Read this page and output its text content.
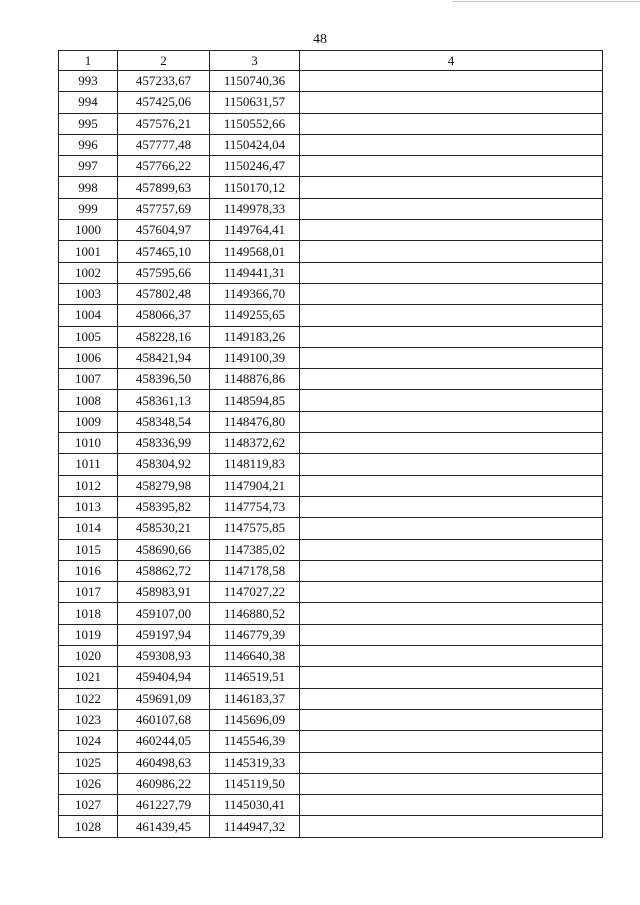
48
1	2	3	4
993	457233,67	1150740,36	
994	457425,06	1150631,57	
995	457576,21	1150552,66	
996	457777,48	1150424,04	
997	457766,22	1150246,47	
998	457899,63	1150170,12	
999	457757,69	1149978,33	
1000	457604,97	1149764,41	
1001	457465,10	1149568,01	
1002	457595,66	1149441,31	
1003	457802,48	1149366,70	
1004	458066,37	1149255,65	
1005	458228,16	1149183,26	
1006	458421,94	1149100,39	
1007	458396,50	1148876,86	
1008	458361,13	1148594,85	
1009	458348,54	1148476,80	
1010	458336,99	1148372,62	
1011	458304,92	1148119,83	
1012	458279,98	1147904,21	
1013	458395,82	1147754,73	
1014	458530,21	1147575,85	
1015	458690,66	1147385,02	
1016	458862,72	1147178,58	
1017	458983,91	1147027,22	
1018	459107,00	1146880,52	
1019	459197,94	1146779,39	
1020	459308,93	1146640,38	
1021	459404,94	1146519,51	
1022	459691,09	1146183,37	
1023	460107,68	1145696,09	
1024	460244,05	1145546,39	
1025	460498,63	1145319,33	
1026	460986,22	1145119,50	
1027	461227,79	1145030,41	
1028	461439,45	1144947,32	
